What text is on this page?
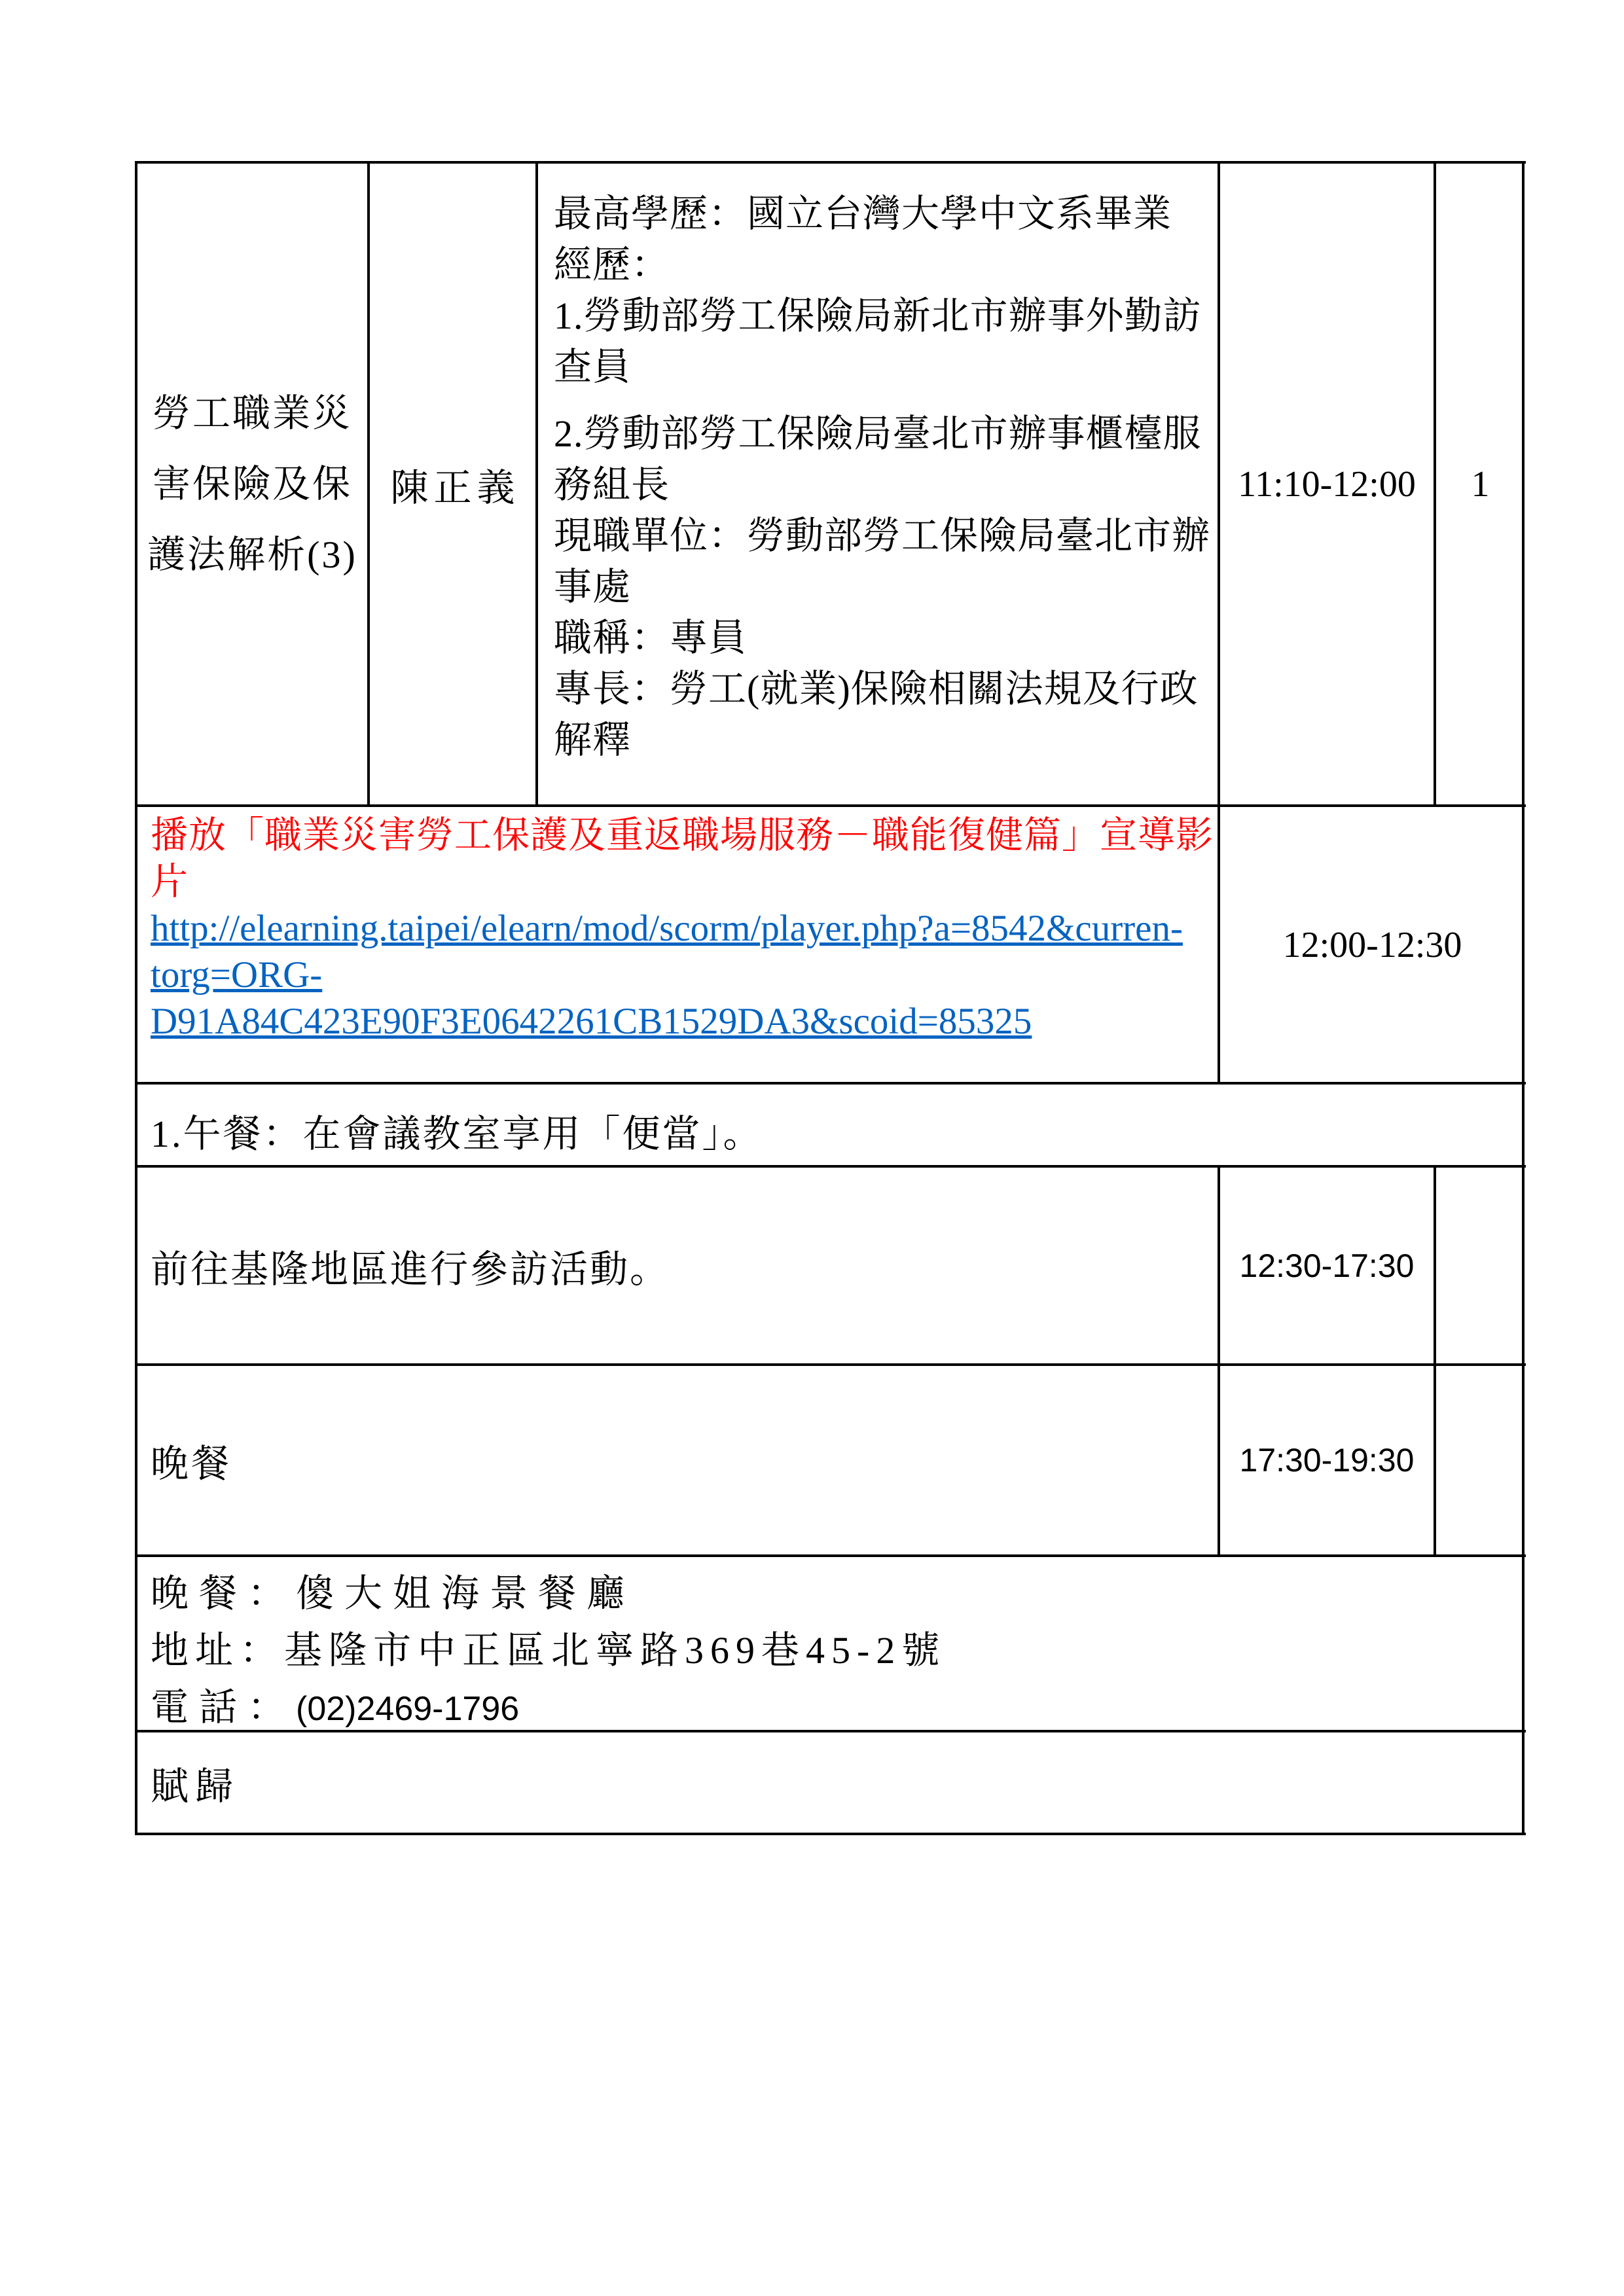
勞工職業災
害保險及保
護法解析(3)
陳正義
最高學歷：國立台灣大學中文系畢業
經歷：
1.勞動部勞工保險局新北市辦事外勤訪
查員
2.勞動部勞工保險局臺北市辦事櫃檯服
務組長
現職單位：勞動部勞工保險局臺北市辦
事處
職稱：專員
專長：勞工(就業)保險相關法規及行政
解釋
11:10-12:00 1
播放「職業災害勞工保護及重返職場服務－職能復健篇」宣導影
片
http://elearning.taipei/elearn/mod/scorm/player.php?a=8542&curren-
torg=ORG-
D91A84C423E90F3E0642261CB1529DA3&scoid=85325
12:00-12:30
1.午餐：在會議教室享用「便當」。
前往基隆地區進行參訪活動。	12:30-17:30
晚餐	17:30-19:30
晚餐：傻大姐海景餐廳
地址：基隆市中正區北寧路369巷45-2號
電話：(02)2469-1796
賦歸
